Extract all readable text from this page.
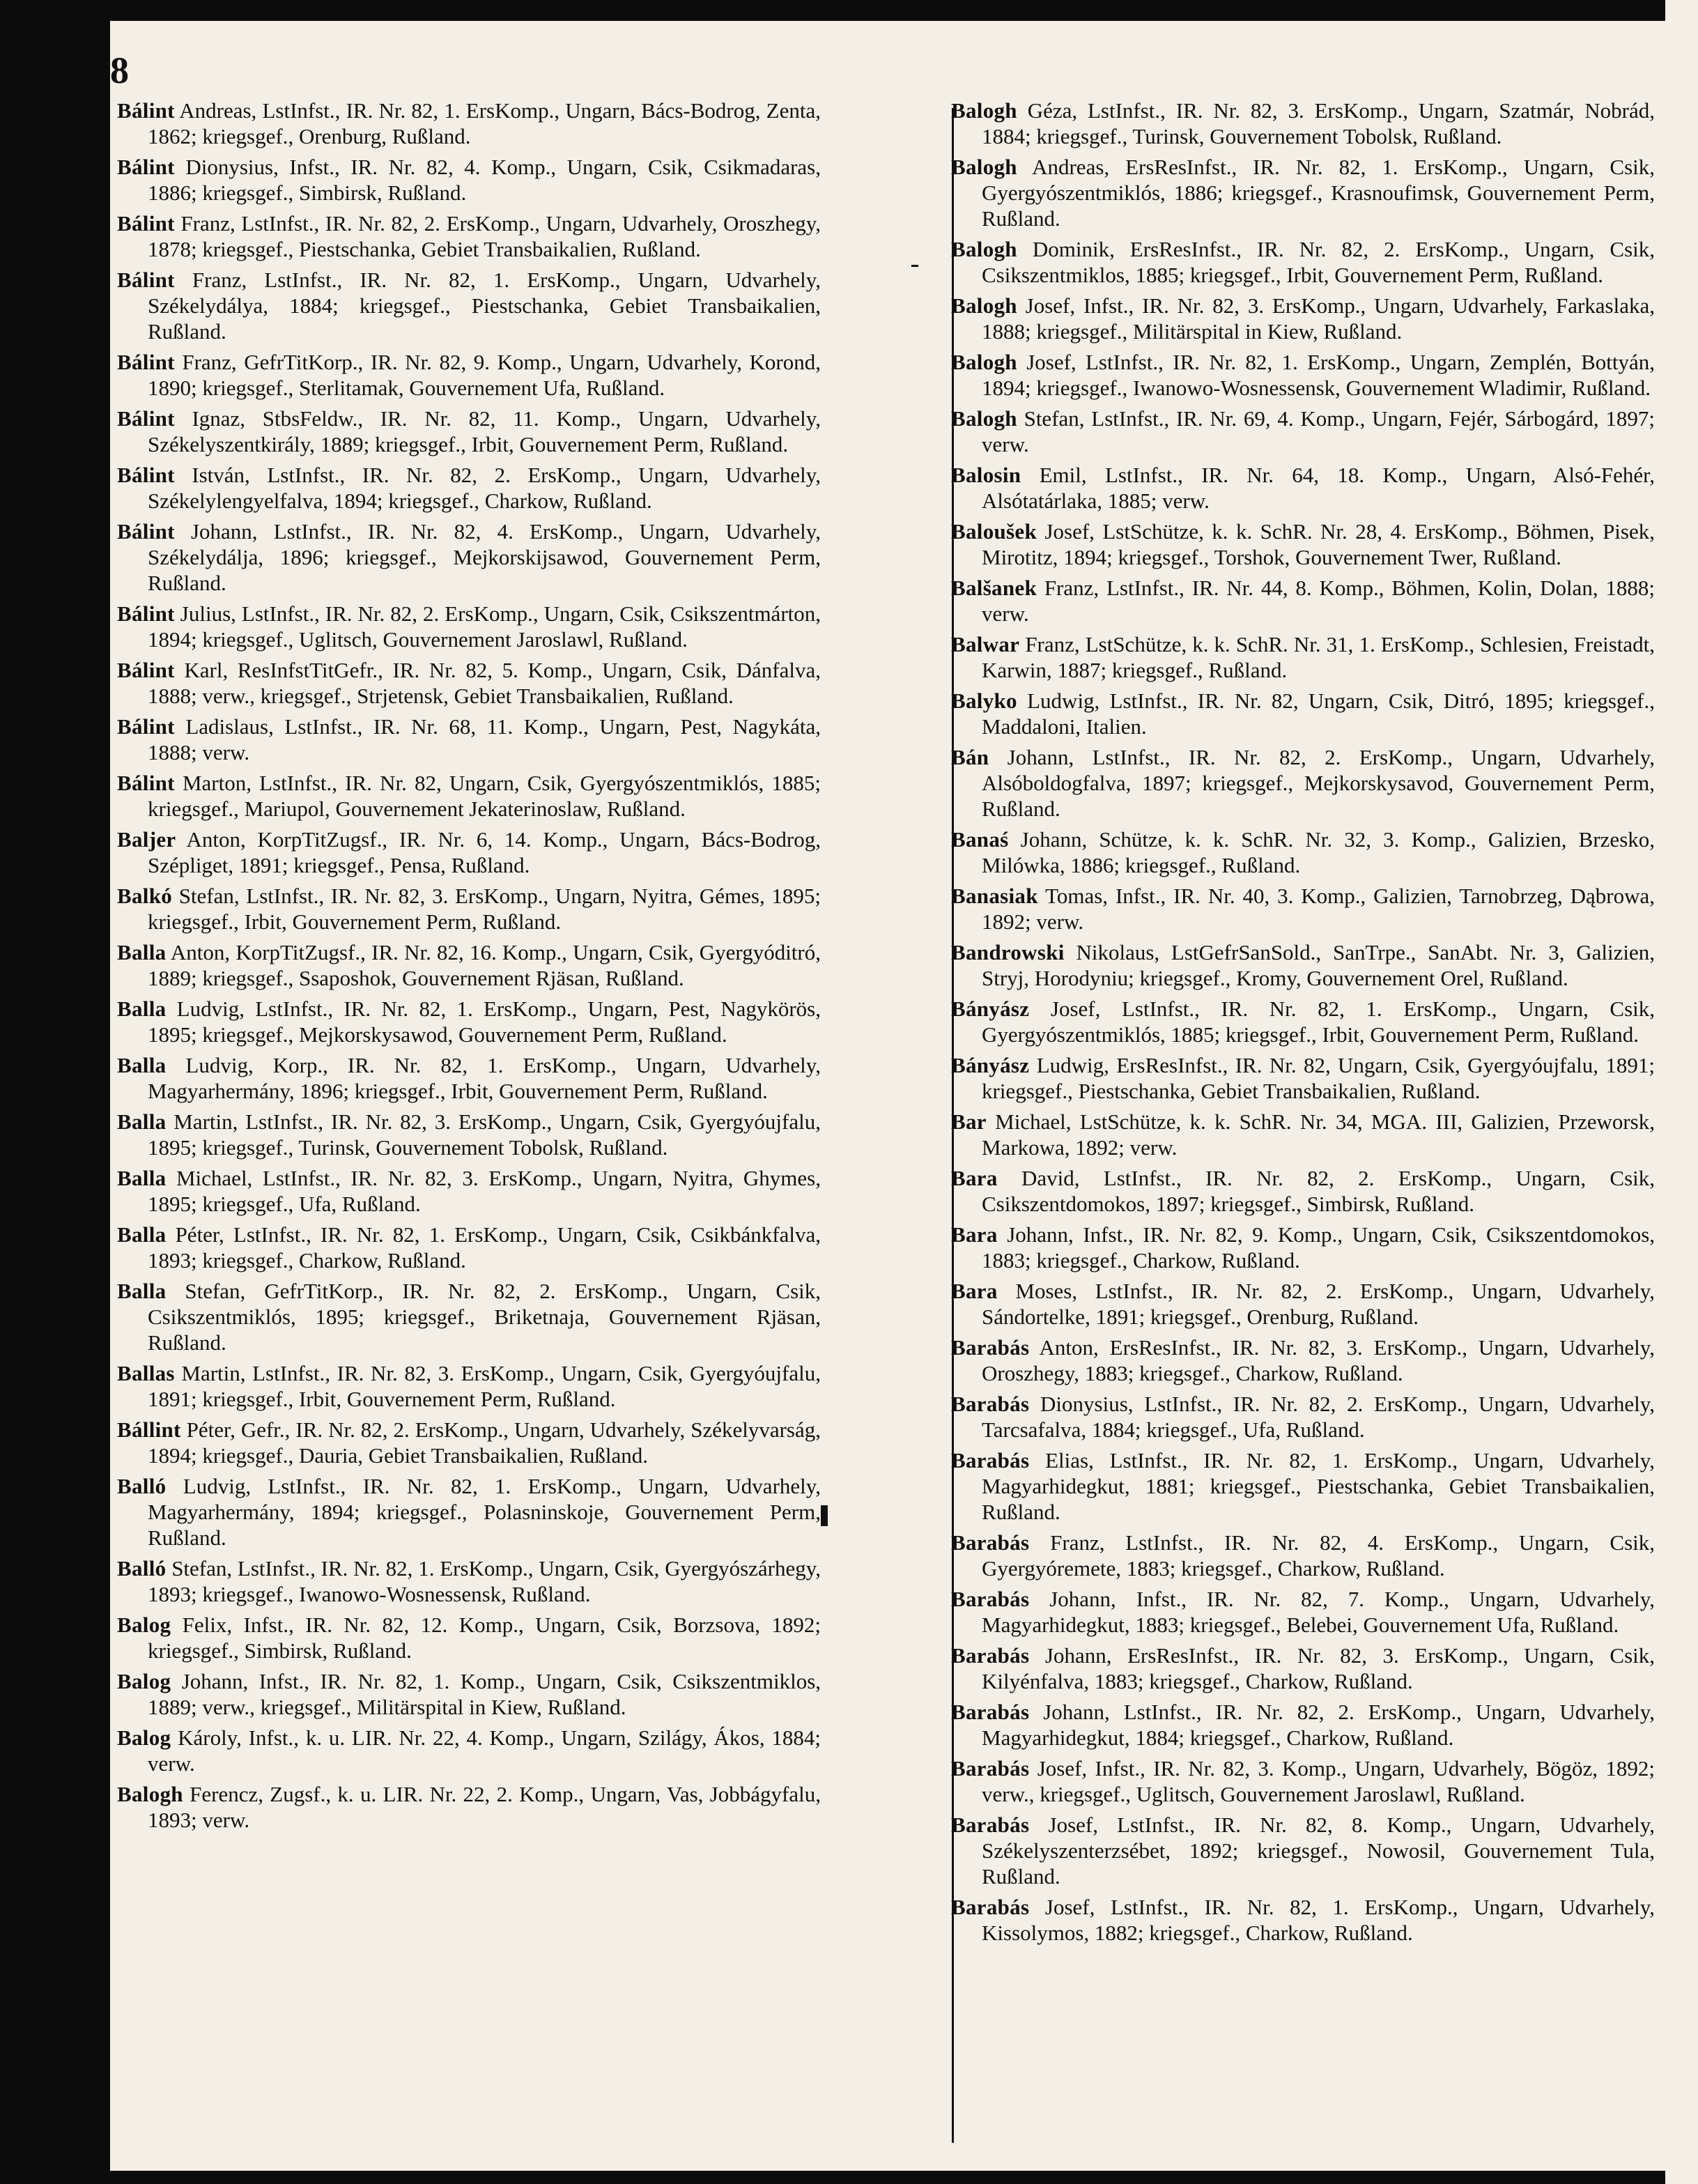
8

Bálint Andreas, LstInfst., IR. Nr. 82, 1. ErsKomp., Ungarn, Bács-Bodrog, Zenta, 1862; kriegsgef., Orenburg, Rußland.

Bálint Dionysius, Infst., IR. Nr. 82, 4. Komp., Ungarn, Csik, Csikmadaras, 1886; kriegsgef., Simbirsk, Rußland.

Bálint Franz, LstInfst., IR. Nr. 82, 2. ErsKomp., Ungarn, Udvarhely, Oroszhegy, 1878; kriegsgef., Piestschanka, Gebiet Transbaikalien, Rußland.

Bálint Franz, LstInfst., IR. Nr. 82, 1. ErsKomp., Ungarn, Udvarhely, Székelydálya, 1884; kriegsgef., Piestschanka, Gebiet Transbaikalien, Rußland.

Bálint Franz, GefrTitKorp., IR. Nr. 82, 9. Komp., Ungarn, Udvarhely, Korond, 1890; kriegsgef., Sterlitamak, Gouvernement Ufa, Rußland.

Bálint Ignaz, StbsFeldw., IR. Nr. 82, 11. Komp., Ungarn, Udvarhely, Székelyszentkirály, 1889; kriegsgef., Irbit, Gouvernement Perm, Rußland.

Bálint István, LstInfst., IR. Nr. 82, 2. ErsKomp., Ungarn, Udvarhely, Székelylengyelfalva, 1894; kriegsgef., Charkow, Rußland.

Bálint Johann, LstInfst., IR. Nr. 82, 4. ErsKomp., Ungarn, Udvarhely, Székelydálja, 1896; kriegsgef., Mejkorskijsawod, Gouvernement Perm, Rußland.

Bálint Julius, LstInfst., IR. Nr. 82, 2. ErsKomp., Ungarn, Csik, Csikszentmárton, 1894; kriegsgef., Uglitsch, Gouvernement Jaroslawl, Rußland.

Bálint Karl, ResInfstTitGefr., IR. Nr. 82, 5. Komp., Ungarn, Csik, Dánfalva, 1888; verw., kriegsgef., Strjetensk, Gebiet Transbaikalien, Rußland.

Bálint Ladislaus, LstInfst., IR. Nr. 68, 11. Komp., Ungarn, Pest, Nagykáta, 1888; verw.

Bálint Marton, LstInfst., IR. Nr. 82, Ungarn, Csik, Gyergyószentmiklós, 1885; kriegsgef., Mariupol, Gouvernement Jekaterinoslaw, Rußland.

Baljer Anton, KorpTitZugsf., IR. Nr. 6, 14. Komp., Ungarn, Bács-Bodrog, Szépliget, 1891; kriegsgef., Pensa, Rußland.

Balkó Stefan, LstInfst., IR. Nr. 82, 3. ErsKomp., Ungarn, Nyitra, Gémes, 1895; kriegsgef., Irbit, Gouvernement Perm, Rußland.

Balla Anton, KorpTitZugsf., IR. Nr. 82, 16. Komp., Ungarn, Csik, Gyergyóditró, 1889; kriegsgef., Ssaposhok, Gouvernement Rjäsan, Rußland.

Balla Ludvig, LstInfst., IR. Nr. 82, 1. ErsKomp., Ungarn, Pest, Nagykörös, 1895; kriegsgef., Mejkorskysawod, Gouvernement Perm, Rußland.

Balla Ludvig, Korp., IR. Nr. 82, 1. ErsKomp., Ungarn, Udvarhely, Magyarhermány, 1896; kriegsgef., Irbit, Gouvernement Perm, Rußland.

Balla Martin, LstInfst., IR. Nr. 82, 3. ErsKomp., Ungarn, Csik, Gyergyóujfalu, 1895; kriegsgef., Turinsk, Gouvernement Tobolsk, Rußland.

Balla Michael, LstInfst., IR. Nr. 82, 3. ErsKomp., Ungarn, Nyitra, Ghymes, 1895; kriegsgef., Ufa, Rußland.

Balla Péter, LstInfst., IR. Nr. 82, 1. ErsKomp., Ungarn, Csik, Csikbánkfalva, 1893; kriegsgef., Charkow, Rußland.

Balla Stefan, GefrTitKorp., IR. Nr. 82, 2. ErsKomp., Ungarn, Csik, Csikszentmiklós, 1895; kriegsgef., Briketnaja, Gouvernement Rjäsan, Rußland.

Ballas Martin, LstInfst., IR. Nr. 82, 3. ErsKomp., Ungarn, Csik, Gyergyóujfalu, 1891; kriegsgef., Irbit, Gouvernement Perm, Rußland.

Bállint Péter, Gefr., IR. Nr. 82, 2. ErsKomp., Ungarn, Udvarhely, Székelyvarság, 1894; kriegsgef., Dauria, Gebiet Transbaikalien, Rußland.

Balló Ludvig, LstInfst., IR. Nr. 82, 1. ErsKomp., Ungarn, Udvarhely, Magyarhermány, 1894; kriegsgef., Polasninskoje, Gouvernement Perm, Rußland.

Balló Stefan, LstInfst., IR. Nr. 82, 1. ErsKomp., Ungarn, Csik, Gyergyószárhegy, 1893; kriegsgef., Iwanowo-Wosnessensk, Rußland.

Balog Felix, Infst., IR. Nr. 82, 12. Komp., Ungarn, Csik, Borzsova, 1892; kriegsgef., Simbirsk, Rußland.

Balog Johann, Infst., IR. Nr. 82, 1. Komp., Ungarn, Csik, Csikszentmiklos, 1889; verw., kriegsgef., Militärspital in Kiew, Rußland.

Balog Károly, Infst., k. u. LIR. Nr. 22, 4. Komp., Ungarn, Szilágy, Ákos, 1884; verw.

Balogh Ferencz, Zugsf., k. u. LIR. Nr. 22, 2. Komp., Ungarn, Vas, Jobbágyfalu, 1893; verw.

Balogh Géza, LstInfst., IR. Nr. 82, 3. ErsKomp., Ungarn, Szatmár, Nobrád, 1884; kriegsgef., Turinsk, Gouvernement Tobolsk, Rußland.

Balogh Andreas, ErsResInfst., IR. Nr. 82, 1. ErsKomp., Ungarn, Csik, Gyergyószentmiklós, 1886; kriegsgef., Krasnoufimsk, Gouvernement Perm, Rußland.

Balogh Dominik, ErsResInfst., IR. Nr. 82, 2. ErsKomp., Ungarn, Csik, Csikszentmiklos, 1885; kriegsgef., Irbit, Gouvernement Perm, Rußland.

Balogh Josef, Infst., IR. Nr. 82, 3. ErsKomp., Ungarn, Udvarhely, Farkaslaka, 1888; kriegsgef., Militärspital in Kiew, Rußland.

Balogh Josef, LstInfst., IR. Nr. 82, 1. ErsKomp., Ungarn, Zemplén, Bottyán, 1894; kriegsgef., Iwanowo-Wosnessensk, Gouvernement Wladimir, Rußland.

Balogh Stefan, LstInfst., IR. Nr. 69, 4. Komp., Ungarn, Fejér, Sárbogárd, 1897; verw.

Balosin Emil, LstInfst., IR. Nr. 64, 18. Komp., Ungarn, Alsó-Fehér, Alsótatárlaka, 1885; verw.

Baloušek Josef, LstSchütze, k. k. SchR. Nr. 28, 4. ErsKomp., Böhmen, Pisek, Mirotitz, 1894; kriegsgef., Torshok, Gouvernement Twer, Rußland.

Balšanek Franz, LstInfst., IR. Nr. 44, 8. Komp., Böhmen, Kolin, Dolan, 1888; verw.

Balwar Franz, LstSchütze, k. k. SchR. Nr. 31, 1. ErsKomp., Schlesien, Freistadt, Karwin, 1887; kriegsgef., Rußland.

Balyko Ludwig, LstInfst., IR. Nr. 82, Ungarn, Csik, Ditró, 1895; kriegsgef., Maddaloni, Italien.

Bán Johann, LstInfst., IR. Nr. 82, 2. ErsKomp., Ungarn, Udvarhely, Alsóboldogfalva, 1897; kriegsgef., Mejkorskysavod, Gouvernement Perm, Rußland.

Banaś Johann, Schütze, k. k. SchR. Nr. 32, 3. Komp., Galizien, Brzesko, Milówka, 1886; kriegsgef., Rußland.

Banasiak Tomas, Infst., IR. Nr. 40, 3. Komp., Galizien, Tarnobrzeg, Dąbrowa, 1892; verw.

Bandrowski Nikolaus, LstGefrSanSold., SanTrpe., SanAbt. Nr. 3, Galizien, Stryj, Horodyniu; kriegsgef., Kromy, Gouvernement Orel, Rußland.

Bányász Josef, LstInfst., IR. Nr. 82, 1. ErsKomp., Ungarn, Csik, Gyergyószentmiklós, 1885; kriegsgef., Irbit, Gouvernement Perm, Rußland.

Bányász Ludwig, ErsResInfst., IR. Nr. 82, Ungarn, Csik, Gyergyóujfalu, 1891; kriegsgef., Piestschanka, Gebiet Transbaikalien, Rußland.

Bar Michael, LstSchütze, k. k. SchR. Nr. 34, MGA. III, Galizien, Przeworsk, Markowa, 1892; verw.

Bara David, LstInfst., IR. Nr. 82, 2. ErsKomp., Ungarn, Csik, Csikszentdomokos, 1897; kriegsgef., Simbirsk, Rußland.

Bara Johann, Infst., IR. Nr. 82, 9. Komp., Ungarn, Csik, Csikszentdomokos, 1883; kriegsgef., Charkow, Rußland.

Bara Moses, LstInfst., IR. Nr. 82, 2. ErsKomp., Ungarn, Udvarhely, Sándortelke, 1891; kriegsgef., Orenburg, Rußland.

Barabás Anton, ErsResInfst., IR. Nr. 82, 3. ErsKomp., Ungarn, Udvarhely, Oroszhegy, 1883; kriegsgef., Charkow, Rußland.

Barabás Dionysius, LstInfst., IR. Nr. 82, 2. ErsKomp., Ungarn, Udvarhely, Tarcsafalva, 1884; kriegsgef., Ufa, Rußland.

Barabás Elias, LstInfst., IR. Nr. 82, 1. ErsKomp., Ungarn, Udvarhely, Magyarhidegkut, 1881; kriegsgef., Piestschanka, Gebiet Transbaikalien, Rußland.

Barabás Franz, LstInfst., IR. Nr. 82, 4. ErsKomp., Ungarn, Csik, Gyergyóremete, 1883; kriegsgef., Charkow, Rußland.

Barabás Johann, Infst., IR. Nr. 82, 7. Komp., Ungarn, Udvarhely, Magyarhidegkut, 1883; kriegsgef., Belebei, Gouvernement Ufa, Rußland.

Barabás Johann, ErsResInfst., IR. Nr. 82, 3. ErsKomp., Ungarn, Csik, Kilyénfalva, 1883; kriegsgef., Charkow, Rußland.

Barabás Johann, LstInfst., IR. Nr. 82, 2. ErsKomp., Ungarn, Udvarhely, Magyarhidegkut, 1884; kriegsgef., Charkow, Rußland.

Barabás Josef, Infst., IR. Nr. 82, 3. Komp., Ungarn, Udvarhely, Bögöz, 1892; verw., kriegsgef., Uglitsch, Gouvernement Jaroslawl, Rußland.

Barabás Josef, LstInfst., IR. Nr. 82, 8. Komp., Ungarn, Udvarhely, Székelyszenterzsébet, 1892; kriegsgef., Nowosil, Gouvernement Tula, Rußland.

Barabás Josef, LstInfst., IR. Nr. 82, 1. ErsKomp., Ungarn, Udvarhely, Kissolymos, 1882; kriegsgef., Charkow, Rußland.
